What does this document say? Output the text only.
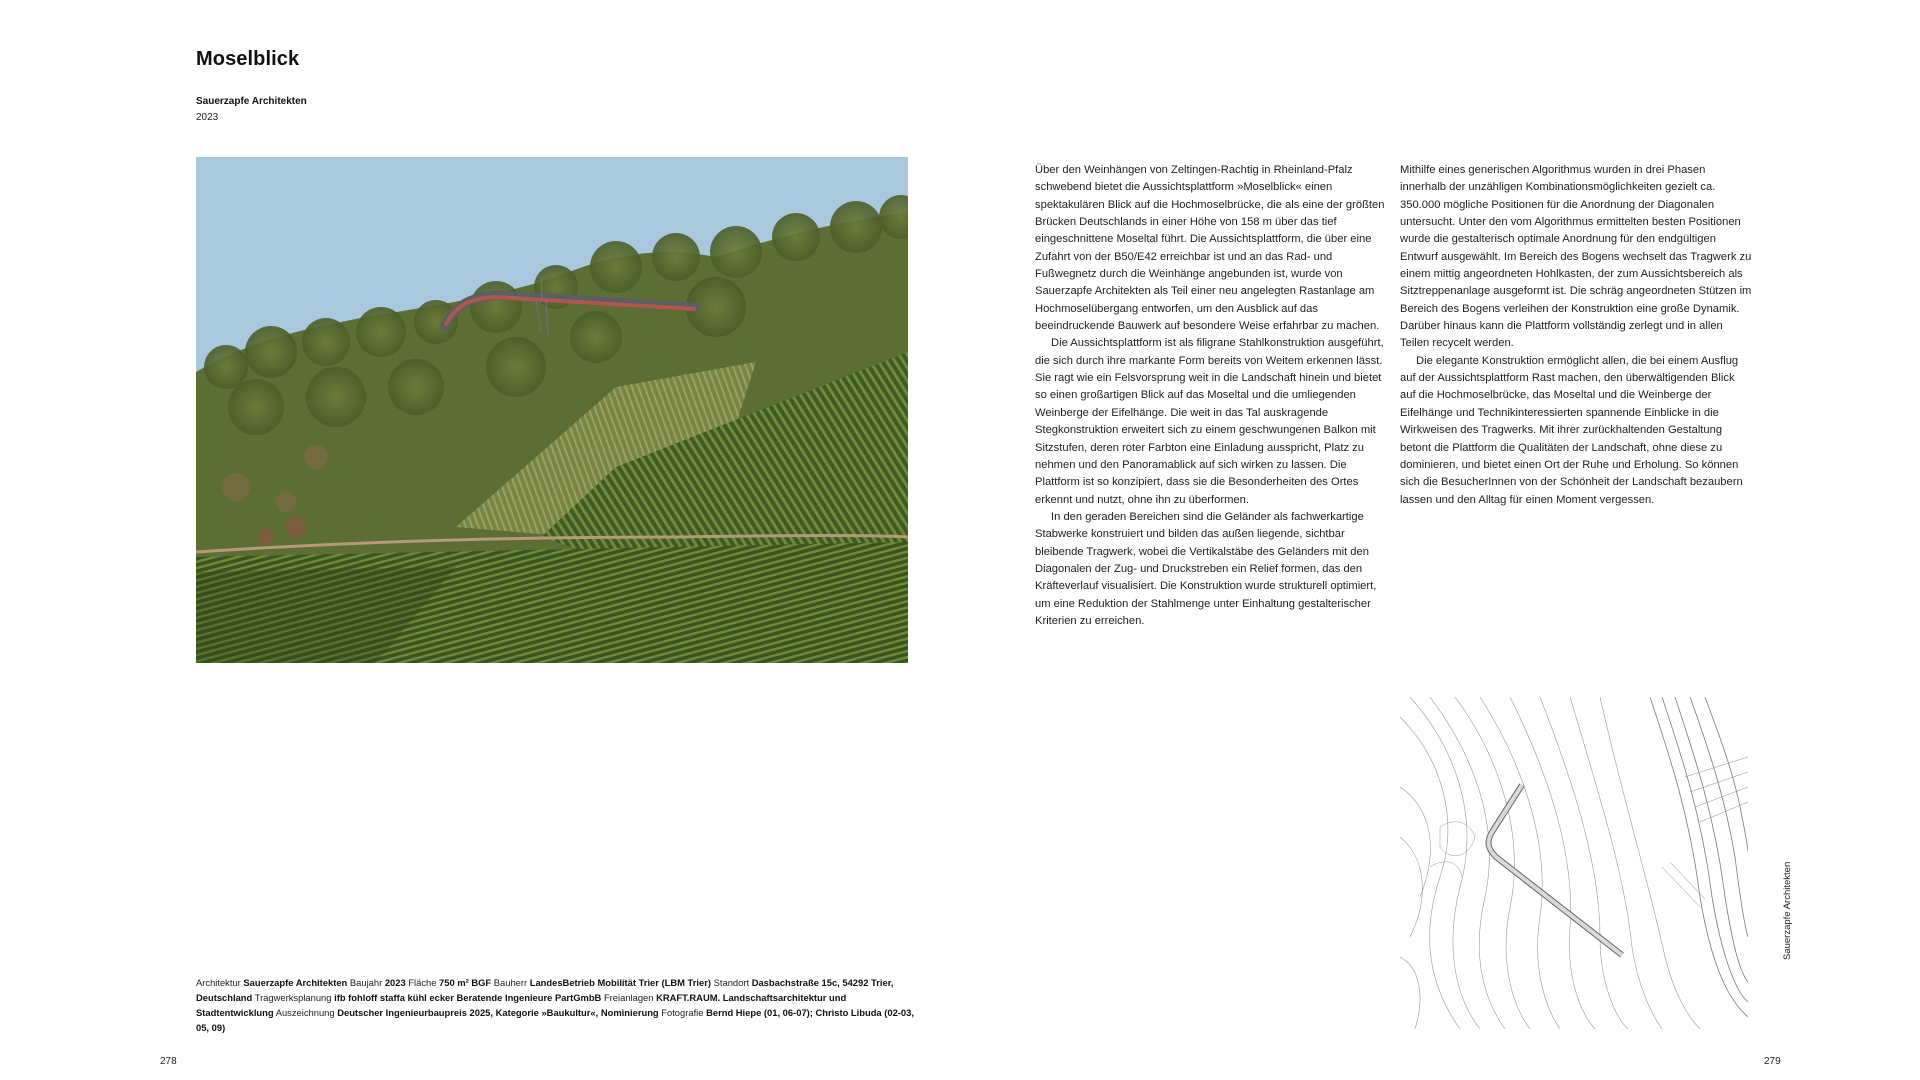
Moselblick
Sauerzapfe Architekten
2023

Über den Weinhängen von Zeltingen-Rachtig in Rheinland-Pfalz schwebend bietet die Aussichtsplattform »Moselblick« einen spektakulären Blick auf die Hochmoselbrücke, die als eine der größten Brücken Deutschlands in einer Höhe von 158 m über das tief eingeschnittene Moseltal führt. Die Aussichtsplattform, die über eine Zufahrt von der B50/E42 erreichbar ist und an das Rad- und Fußwegnetz durch die Weinhänge angebunden ist, wurde von Sauerzapfe Architekten als Teil einer neu angelegten Rastanlage am Hochmoselübergang entworfen, um den Ausblick auf das beeindruckende Bauwerk auf besondere Weise erfahrbar zu machen.

Die Aussichtsplattform ist als filigrane Stahlkonstruktion ausgeführt, die sich durch ihre markante Form bereits von Weitem erkennen lässt. Sie ragt wie ein Felsvorsprung weit in die Landschaft hinein und bietet so einen großartigen Blick auf das Moseltal und die umliegenden Weinberge der Eifelhänge. Die weit in das Tal auskragende Stegkonstruktion erweitert sich zu einem geschwungenen Balkon mit Sitzstufen, deren roter Farbton eine Einladung ausspricht, Platz zu nehmen und den Panoramablick auf sich wirken zu lassen. Die Plattform ist so konzipiert, dass sie die Besonderheiten des Ortes erkennt und nutzt, ohne ihn zu überformen.

In den geraden Bereichen sind die Geländer als fachwerkartige Stabwerke konstruiert und bilden das außen liegende, sichtbar bleibende Tragwerk, wobei die Vertikalstäbe des Geländers mit den Diagonalen der Zug- und Druckstreben ein Relief formen, das den Kräfteverlauf visualisiert. Die Konstruktion wurde strukturell optimiert, um eine Reduktion der Stahlmenge unter Einhaltung gestalterischer Kriterien zu erreichen.

Mithilfe eines generischen Algorithmus wurden in drei Phasen innerhalb der unzähligen Kombinationsmöglichkeiten gezielt ca. 350.000 mögliche Positionen für die Anordnung der Diagonalen untersucht. Unter den vom Algorithmus ermittelten besten Positionen wurde die gestalterisch optimale Anordnung für den endgültigen Entwurf ausgewählt. Im Bereich des Bogens wechselt das Tragwerk zu einem mittig angeordneten Hohlkasten, der zum Aussichtsbereich als Sitztreppenanlage ausgeformt ist. Die schräg angeordneten Stützen im Bereich des Bogens verleihen der Konstruktion eine große Dynamik. Darüber hinaus kann die Plattform vollständig zerlegt und in allen Teilen recycelt werden.

Die elegante Konstruktion ermöglicht allen, die bei einem Ausflug auf der Aussichtsplattform Rast machen, den überwältigenden Blick auf die Hochmoselbrücke, das Moseltal und die Weinberge der Eifelhänge und Technikinteressierten spannende Einblicke in die Wirkweisen des Tragwerks. Mit ihrer zurückhaltenden Gestaltung betont die Plattform die Qualitäten der Landschaft, ohne diese zu dominieren, und bietet einen Ort der Ruhe und Erholung. So können sich die BesucherInnen von der Schönheit der Landschaft bezaubern lassen und den Alltag für einen Moment vergessen.

Sauerzapfe Architekten
Architektur Sauerzapfe Architekten Baujahr 2023 Fläche 750 m² BGF Bauherr LandesBetrieb Mobilität Trier (LBM Trier) Standort Dasbachstraße 15c, 54292 Trier, Deutschland Tragwerksplanung ifb fohloff staffa kühl ecker Beratende Ingenieure PartGmbB Freianlagen KRAFT.RAUM. Landschaftsarchitektur und Stadtentwicklung Auszeichnung Deutscher Ingenieurbaupreis 2025, Kategorie »Baukultur«, Nominierung Fotografie Bernd Hiepe (01, 06-07); Christo Libuda (02-03, 05, 09)
278	279
